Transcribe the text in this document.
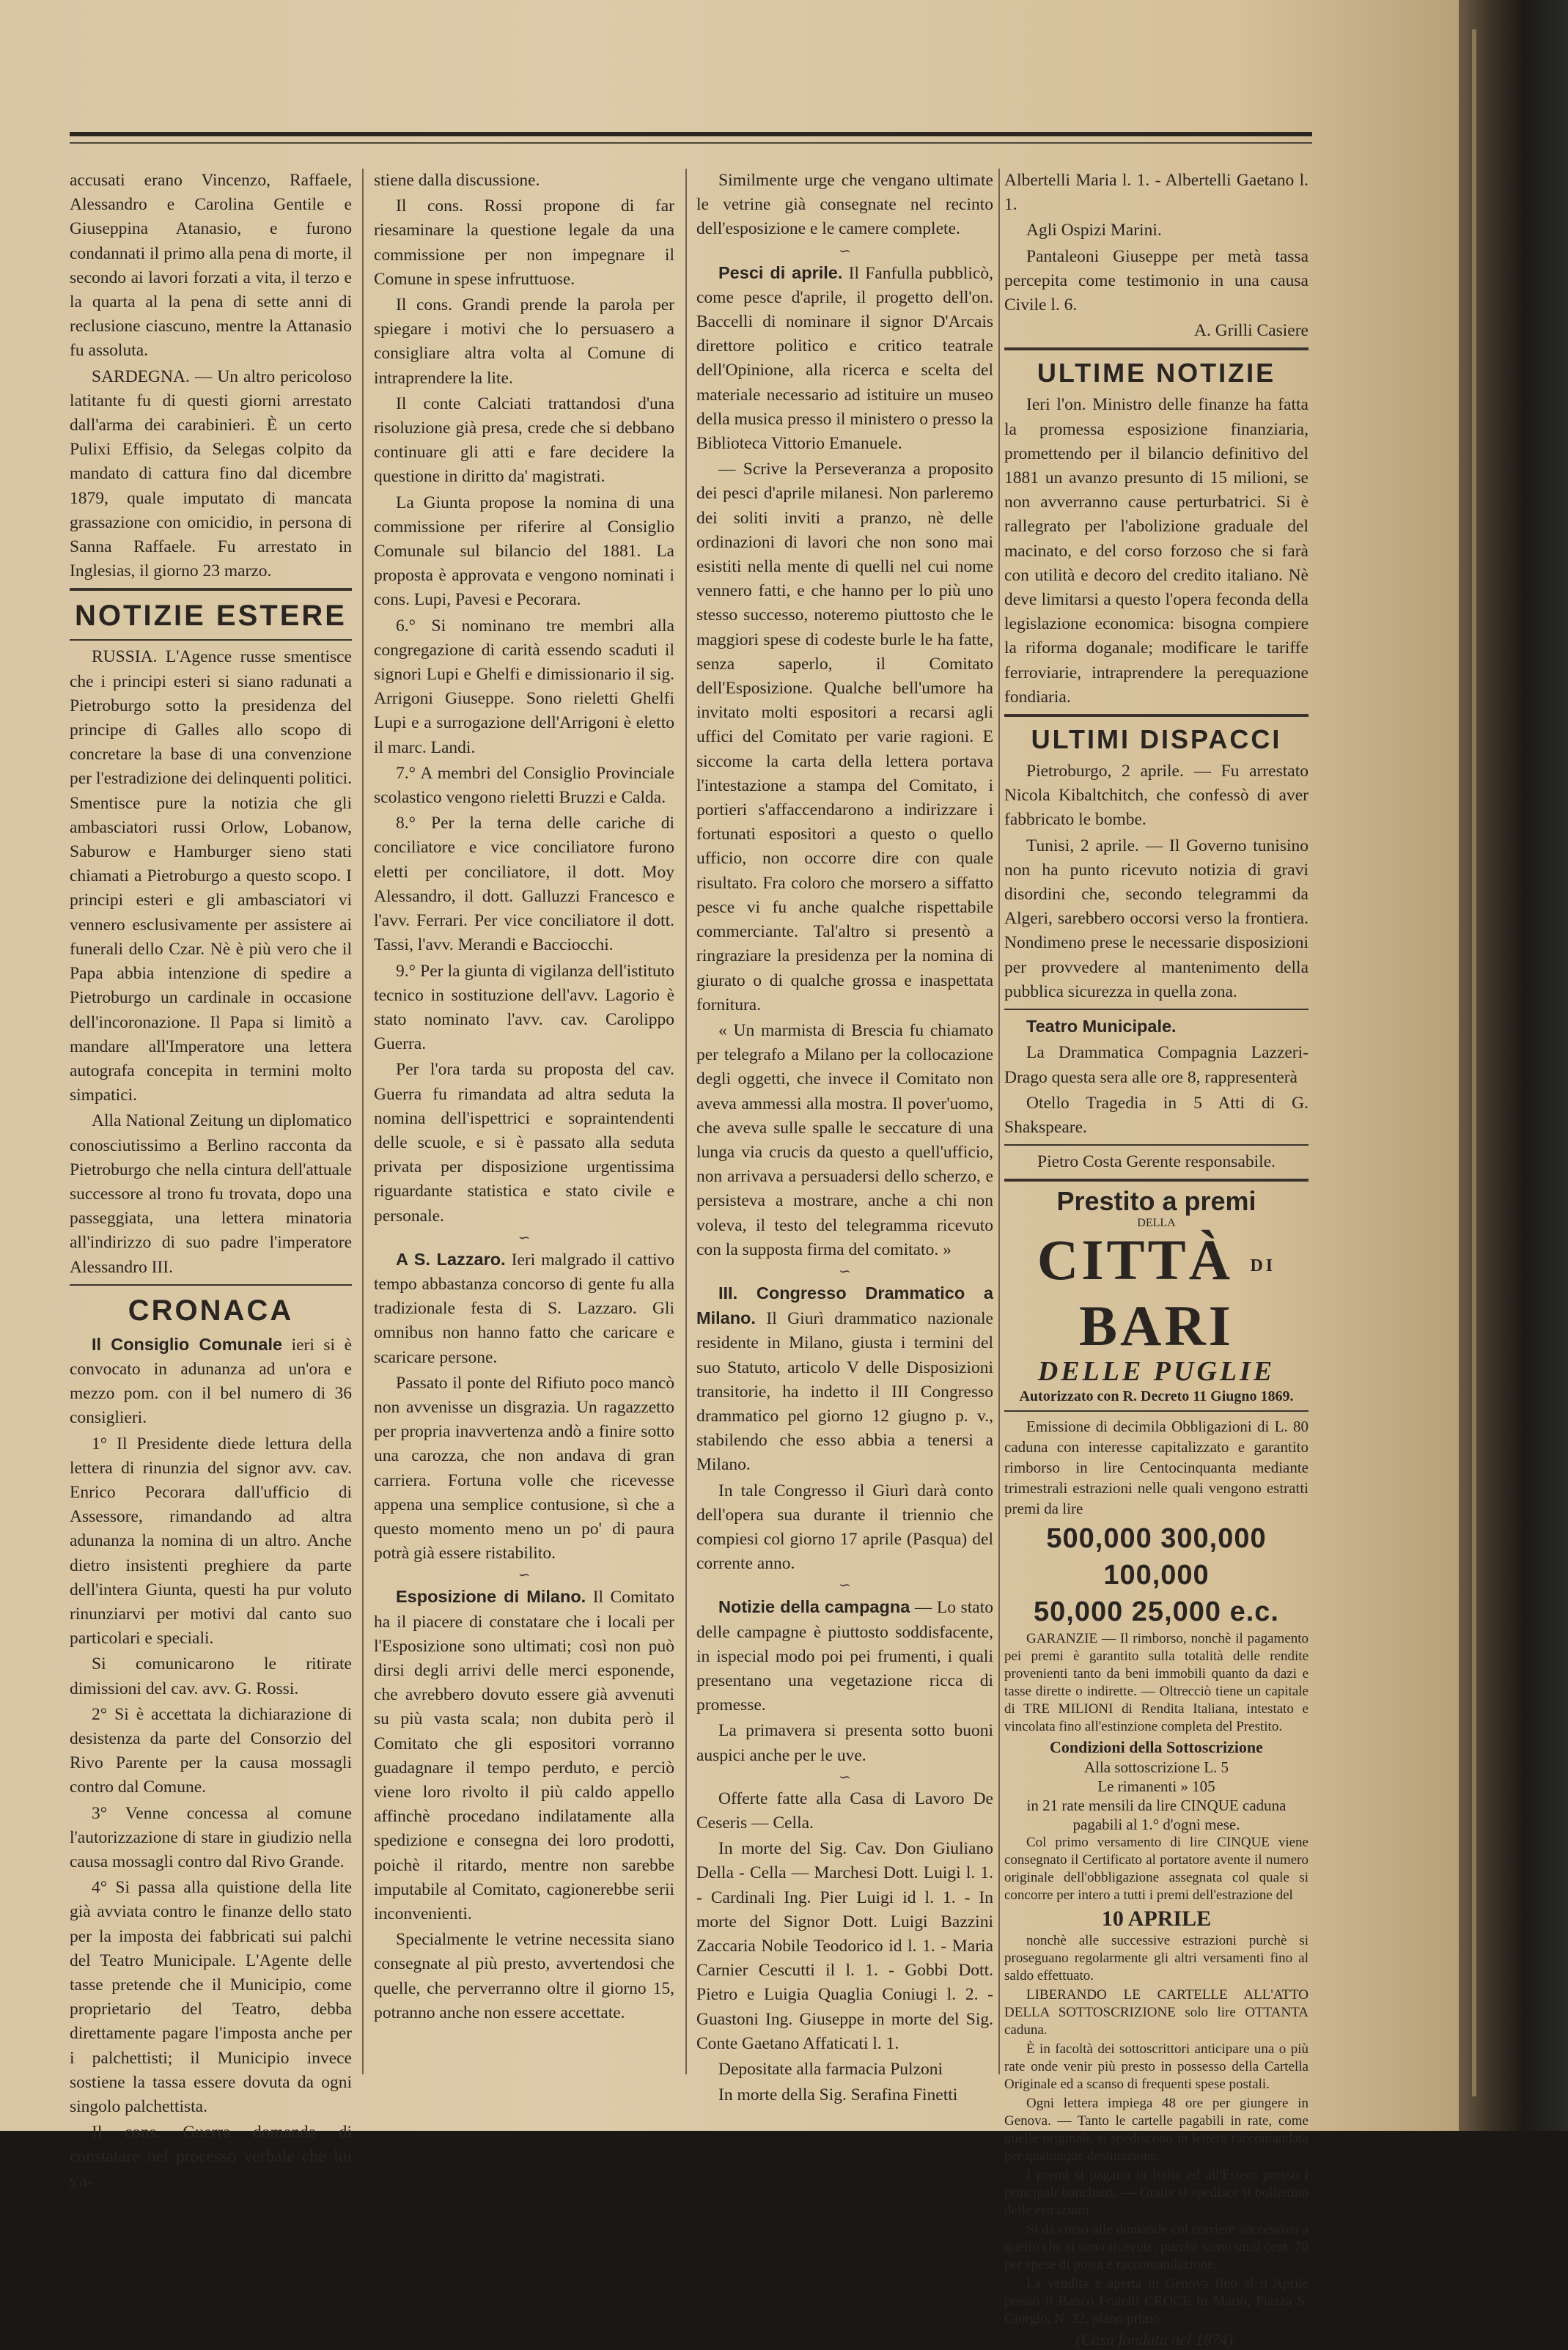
accusati erano Vincenzo, Raffaele, Alessandro e Carolina Gentile e Giuseppina Atanasio, e furono condannati il primo alla pena di morte, il secondo ai lavori forzati a vita, il terzo e la quarta al la pena di sette anni di reclusione ciascuno, mentre la Attanasio fu assoluta.

SARDEGNA. — Un altro pericoloso latitante fu di questi giorni arrestato dall'arma dei carabinieri. È un certo Pulixi Effisio, da Selegas colpito da mandato di cattura fino dal dicembre 1879, quale imputato di mancata grassazione con omicidio, in persona di Sanna Raffaele. Fu arrestato in Inglesias, il giorno 23 marzo.

NOTIZIE ESTERE

RUSSIA. L'Agence russe smentisce che i principi esteri si siano radunati a Pietroburgo sotto la presidenza del principe di Galles allo scopo di concretare la base di una convenzione per l'estradizione dei delinquenti politici. Smentisce pure la notizia che gli ambasciatori russi Orlow, Lobanow, Saburow e Hamburger sieno stati chiamati a Pietroburgo a questo scopo. I principi esteri e gli ambasciatori vi vennero esclusivamente per assistere ai funerali dello Czar. Nè è più vero che il Papa abbia intenzione di spedire a Pietroburgo un cardinale in occasione dell'incoronazione. Il Papa si limitò a mandare all'Imperatore una lettera autografa concepita in termini molto simpatici.

Alla National Zeitung un diplomatico conosciutissimo a Berlino racconta da Pietroburgo che nella cintura dell'attuale successore al trono fu trovata, dopo una passeggiata, una lettera minatoria all'indirizzo di suo padre l'imperatore Alessandro III.

CRONACA

Il Consiglio Comunale ieri si è convocato in adunanza ad un'ora e mezzo pom. con il bel numero di 36 consiglieri.

1° Il Presidente diede lettura della lettera di rinunzia del signor avv. cav. Enrico Pecorara dall'ufficio di Assessore, rimandando ad altra adunanza la nomina di un altro. Anche dietro insistenti preghiere da parte dell'intera Giunta, questi ha pur voluto rinunziarvi per motivi dal canto suo particolari e speciali.

Si comunicarono le ritirate dimissioni del cav. avv. G. Rossi.

2° Si è accettata la dichiarazione di desistenza da parte del Consorzio del Rivo Parente per la causa mossagli contro dal Comune.

3° Venne concessa al comune l'autorizzazione di stare in giudizio nella causa mossagli contro dal Rivo Grande.

4° Si passa alla quistione della lite già avviata contro le finanze dello stato per la imposta dei fabbricati sui palchi del Teatro Municipale. L'Agente delle tasse pretende che il Municipio, come proprietario del Teatro, debba direttamente pagare l'imposta anche per i palchettisti; il Municipio invece sostiene la tassa essere dovuta da ogni singolo palchettista.

Il cons. Guerra domanda di constatare nel processo verbale che lui s'a-

stiene dalla discussione.

Il cons. Rossi propone di far riesaminare la questione legale da una commissione per non impegnare il Comune in spese infruttuose.

Il cons. Grandi prende la parola per spiegare i motivi che lo persuasero a consigliare altra volta al Comune di intraprendere la lite.

Il conte Calciati trattandosi d'una risoluzione già presa, crede che si debbano continuare gli atti e fare decidere la questione in diritto da' magistrati.

La Giunta propose la nomina di una commissione per riferire al Consiglio Comunale sul bilancio del 1881. La proposta è approvata e vengono nominati i cons. Lupi, Pavesi e Pecorara.

6.° Si nominano tre membri alla congregazione di carità essendo scaduti il signori Lupi e Ghelfi e dimissionario il sig. Arrigoni Giuseppe. Sono rieletti Ghelfi Lupi e a surrogazione dell'Arrigoni è eletto il marc. Landi.

7.° A membri del Consiglio Provinciale scolastico vengono rieletti Bruzzi e Calda.

8.° Per la terna delle cariche di conciliatore e vice conciliatore furono eletti per conciliatore, il dott. Moy Alessandro, il dott. Galluzzi Francesco e l'avv. Ferrari. Per vice conciliatore il dott. Tassi, l'avv. Merandi e Bacciocchi.

9.° Per la giunta di vigilanza dell'istituto tecnico in sostituzione dell'avv. Lagorio è stato nominato l'avv. cav. Carolippo Guerra.

Per l'ora tarda su proposta del cav. Guerra fu rimandata ad altra seduta la nomina dell'ispettrici e sopraintendenti delle scuole, e si è passato alla seduta privata per disposizione urgentissima riguardante statistica e stato civile e personale.

∽

A S. Lazzaro. Ieri malgrado il cattivo tempo abbastanza concorso di gente fu alla tradizionale festa di S. Lazzaro. Gli omnibus non hanno fatto che caricare e scaricare persone.

Passato il ponte del Rifiuto poco mancò non avvenisse un disgrazia. Un ragazzetto per propria inavvertenza andò a finire sotto una carozza, che non andava di gran carriera. Fortuna volle che ricevesse appena una semplice contusione, sì che a questo momento meno un po' di paura potrà già essere ristabilito.

∽

Esposizione di Milano. Il Comitato ha il piacere di constatare che i locali per l'Esposizione sono ultimati; così non può dirsi degli arrivi delle merci esponende, che avrebbero dovuto essere già avvenuti su più vasta scala; non dubita però il Comitato che gli espositori vorranno guadagnare il tempo perduto, e perciò viene loro rivolto il più caldo appello affinchè procedano indilatamente alla spedizione e consegna dei loro prodotti, poichè il ritardo, mentre non sarebbe imputabile al Comitato, cagionerebbe serii inconvenienti.

Specialmente le vetrine necessita siano consegnate al più presto, avvertendosi che quelle, che perverranno oltre il giorno 15, potranno anche non essere accettate.

Similmente urge che vengano ultimate le vetrine già consegnate nel recinto dell'esposizione e le camere complete.

∽

Pesci di aprile. Il Fanfulla pubblicò, come pesce d'aprile, il progetto dell'on. Baccelli di nominare il signor D'Arcais direttore politico e critico teatrale dell'Opinione, alla ricerca e scelta del materiale necessario ad istituire un museo della musica presso il ministero o presso la Biblioteca Vittorio Emanuele.

— Scrive la Perseveranza a proposito dei pesci d'aprile milanesi. Non parleremo dei soliti inviti a pranzo, nè delle ordinazioni di lavori che non sono mai esistiti nella mente di quelli nel cui nome vennero fatti, e che hanno per lo più uno stesso successo, noteremo piuttosto che le maggiori spese di codeste burle le ha fatte, senza saperlo, il Comitato dell'Esposizione. Qualche bell'umore ha invitato molti espositori a recarsi agli uffici del Comitato per varie ragioni. E siccome la carta della lettera portava l'intestazione a stampa del Comitato, i portieri s'affaccendarono a indirizzare i fortunati espositori a questo o quello ufficio, non occorre dire con quale risultato. Fra coloro che morsero a siffatto pesce vi fu anche qualche rispettabile commerciante. Tal'altro si presentò a ringraziare la presidenza per la nomina di giurato o di qualche grossa e inaspettata fornitura.

« Un marmista di Brescia fu chiamato per telegrafo a Milano per la collocazione degli oggetti, che invece il Comitato non aveva ammessi alla mostra. Il pover'uomo, che aveva sulle spalle le seccature di una lunga via crucis da questo a quell'ufficio, non arrivava a persuadersi dello scherzo, e persisteva a mostrare, anche a chi non voleva, il testo del telegramma ricevuto con la supposta firma del comitato. »

∽

III. Congresso Drammatico a Milano. Il Giurì drammatico nazionale residente in Milano, giusta i termini del suo Statuto, articolo V delle Disposizioni transitorie, ha indetto il III Congresso drammatico pel giorno 12 giugno p. v., stabilendo che esso abbia a tenersi a Milano.

In tale Congresso il Giurì darà conto dell'opera sua durante il triennio che compiesi col giorno 17 aprile (Pasqua) del corrente anno.

∽

Notizie della campagna — Lo stato delle campagne è piuttosto soddisfacente, in ispecial modo poi pei frumenti, i quali presentano una vegetazione ricca di promesse.

La primavera si presenta sotto buoni auspici anche per le uve.

∽

Offerte fatte alla Casa di Lavoro De Ceseris — Cella.

In morte del Sig. Cav. Don Giuliano Della - Cella — Marchesi Dott. Luigi l. 1. - Cardinali Ing. Pier Luigi id l. 1. - In morte del Signor Dott. Luigi Bazzini Zaccaria Nobile Teodorico id l. 1. - Maria Carnier Cescutti il l. 1. - Gobbi Dott. Pietro e Luigia Quaglia Coniugi l. 2. - Guastoni Ing. Giuseppe in morte del Sig. Conte Gaetano Affaticati l. 1.

Depositate alla farmacia Pulzoni

In morte della Sig. Serafina Finetti

Albertelli Maria l. 1. - Albertelli Gaetano l. 1.

Agli Ospizi Marini.

Pantaleoni Giuseppe per metà tassa percepita come testimonio in una causa Civile l. 6.

A. Grilli Casiere

ULTIME NOTIZIE

Ieri l'on. Ministro delle finanze ha fatta la promessa esposizione finanziaria, promettendo per il bilancio definitivo del 1881 un avanzo presunto di 15 milioni, se non avverranno cause perturbatrici. Si è rallegrato per l'abolizione graduale del macinato, e del corso forzoso che si farà con utilità e decoro del credito italiano. Nè deve limitarsi a questo l'opera feconda della legislazione economica: bisogna compiere la riforma doganale; modificare le tariffe ferroviarie, intraprendere la perequazione fondiaria.

ULTIMI DISPACCI

Pietroburgo, 2 aprile. — Fu arrestato Nicola Kibaltchitch, che confessò di aver fabbricato le bombe.

Tunisi, 2 aprile. — Il Governo tunisino non ha punto ricevuto notizia di gravi disordini che, secondo telegrammi da Algeri, sarebbero occorsi verso la frontiera. Nondimeno prese le necessarie disposizioni per provvedere al mantenimento della pubblica sicurezza in quella zona.

Teatro Municipale.

La Drammatica Compagnia Lazzeri-Drago questa sera alle ore 8, rappresenterà

Otello Tragedia in 5 Atti di G. Shakspeare.

Pietro Costa Gerente responsabile.

Prestito a premi
DELLA
CITTÀ DI BARI
DELLE PUGLIE
Autorizzato con R. Decreto 11 Giugno 1869.

Emissione di decimila Obbligazioni di L. 80 caduna con interesse capitalizzato e garantito rimborso in lire Centocinquanta mediante trimestrali estrazioni nelle quali vengono estratti premi da lire

500,000 300,000 100,000
50,000 25,000 e.c.

GARANZIE — Il rimborso, nonchè il pagamento pei premi è garantito sulla totalità delle rendite provenienti tanto da beni immobili quanto da dazi e tasse dirette o indirette. — Oltrecciò tiene un capitale di TRE MILIONI di Rendita Italiana, intestato e vincolata fino all'estinzione completa del Prestito.

Condizioni della Sottoscrizione
Alla sottoscrizione L. 5
Le rimanenti » 105
in 21 rate mensili da lire CINQUE caduna pagabili al 1.° d'ogni mese.

Col primo versamento di lire CINQUE viene consegnato il Certificato al portatore avente il numero originale dell'obbligazione assegnata col quale si concorre per intero a tutti i premi dell'estrazione del

10 APRILE

nonchè alle successive estrazioni purchè si proseguano regolarmente gli altri versamenti fino al saldo effettuato.

LIBERANDO LE CARTELLE ALL'ATTO DELLA SOTTOSCRIZIONE solo lire OTTANTA caduna.

È in facoltà dei sottoscrittori anticipare una o più rate onde venir più presto in possesso della Cartella Originale ed a scanso di frequenti spese postali.

Ogni lettera impiega 48 ore per giungere in Genova. — Tanto le cartelle pagabili in rate, come quelle originali, si spediscono in lettera raccomandata per qualunque destinazione.

I premi si pagano in Italia ed all'Estero presso i principali banchieri. — Gratis si spedisce il bollettino delle estrazioni.

Si dà corso alle domande col corriere successivo a quello che si sono ricevute, purchè sieno uniti cent. 70 per spese di posta e raccomandazione.

La vendita è aperta in Genova fino al 9 Aprile presso il Banco Fratelli CROCE fu Mario, Piazza S. Giorgio, N. 32, piano primo.

(Casa fondata nel 1874).
